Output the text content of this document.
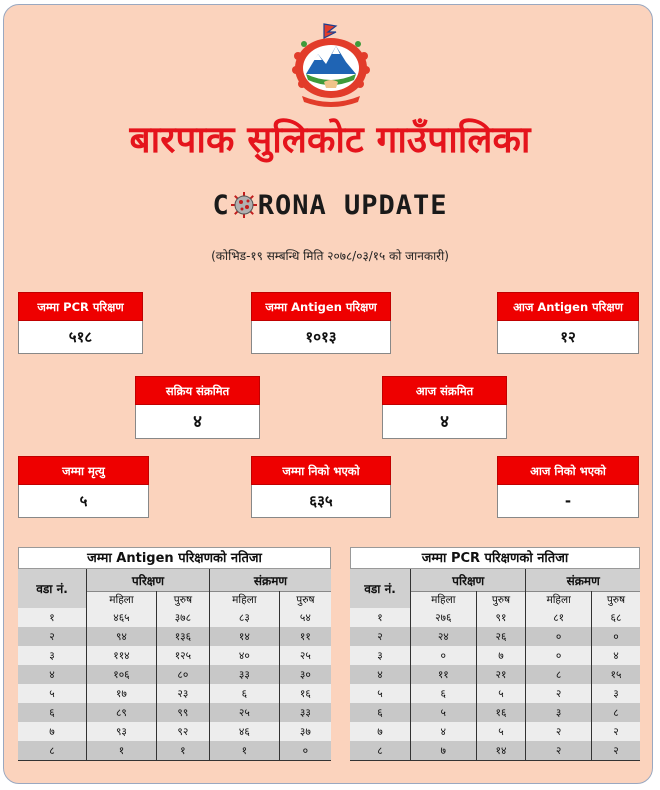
बारपाक सुलिकोट गाउँपालिका
C RONA UPDATE
(कोभिड-१९ सम्बन्धि मिति २०७८/०३/१५ को जानकारी)
जम्मा PCR परिक्षण
५१८
जम्मा Antigen परिक्षण
१०१३
आज Antigen परिक्षण
१२
सक्रिय संक्रमित
४
आज संक्रमित
४
जम्मा मृत्यु
५
जम्मा निको भएको
६३५
आज निको भएको
-
जम्मा Antigen परिक्षणको नतिजा
वडा नं.	परिक्षण		संक्रमण	
	महिला	पुरुष	महिला	पुरुष
१	४६५	३७८	८३	५४
२	९४	१३६	१४	११
३	११४	१२५	४०	२५
४	१०६	८०	३३	३०
५	१७	२३	६	१६
६	८९	९९	२५	३३
७	९३	९२	४६	३७
८	१	१	१	०
जम्मा PCR परिक्षणको नतिजा
वडा नं.	परिक्षण		संक्रमण	
	महिला	पुरुष	महिला	पुरुष
१	२७६	९१	८१	६८
२	२४	२६	०	०
३	०	७	०	४
४	११	२१	८	१५
५	६	५	२	३
६	५	१६	३	८
७	४	५	२	२
८	७	१४	२	२
